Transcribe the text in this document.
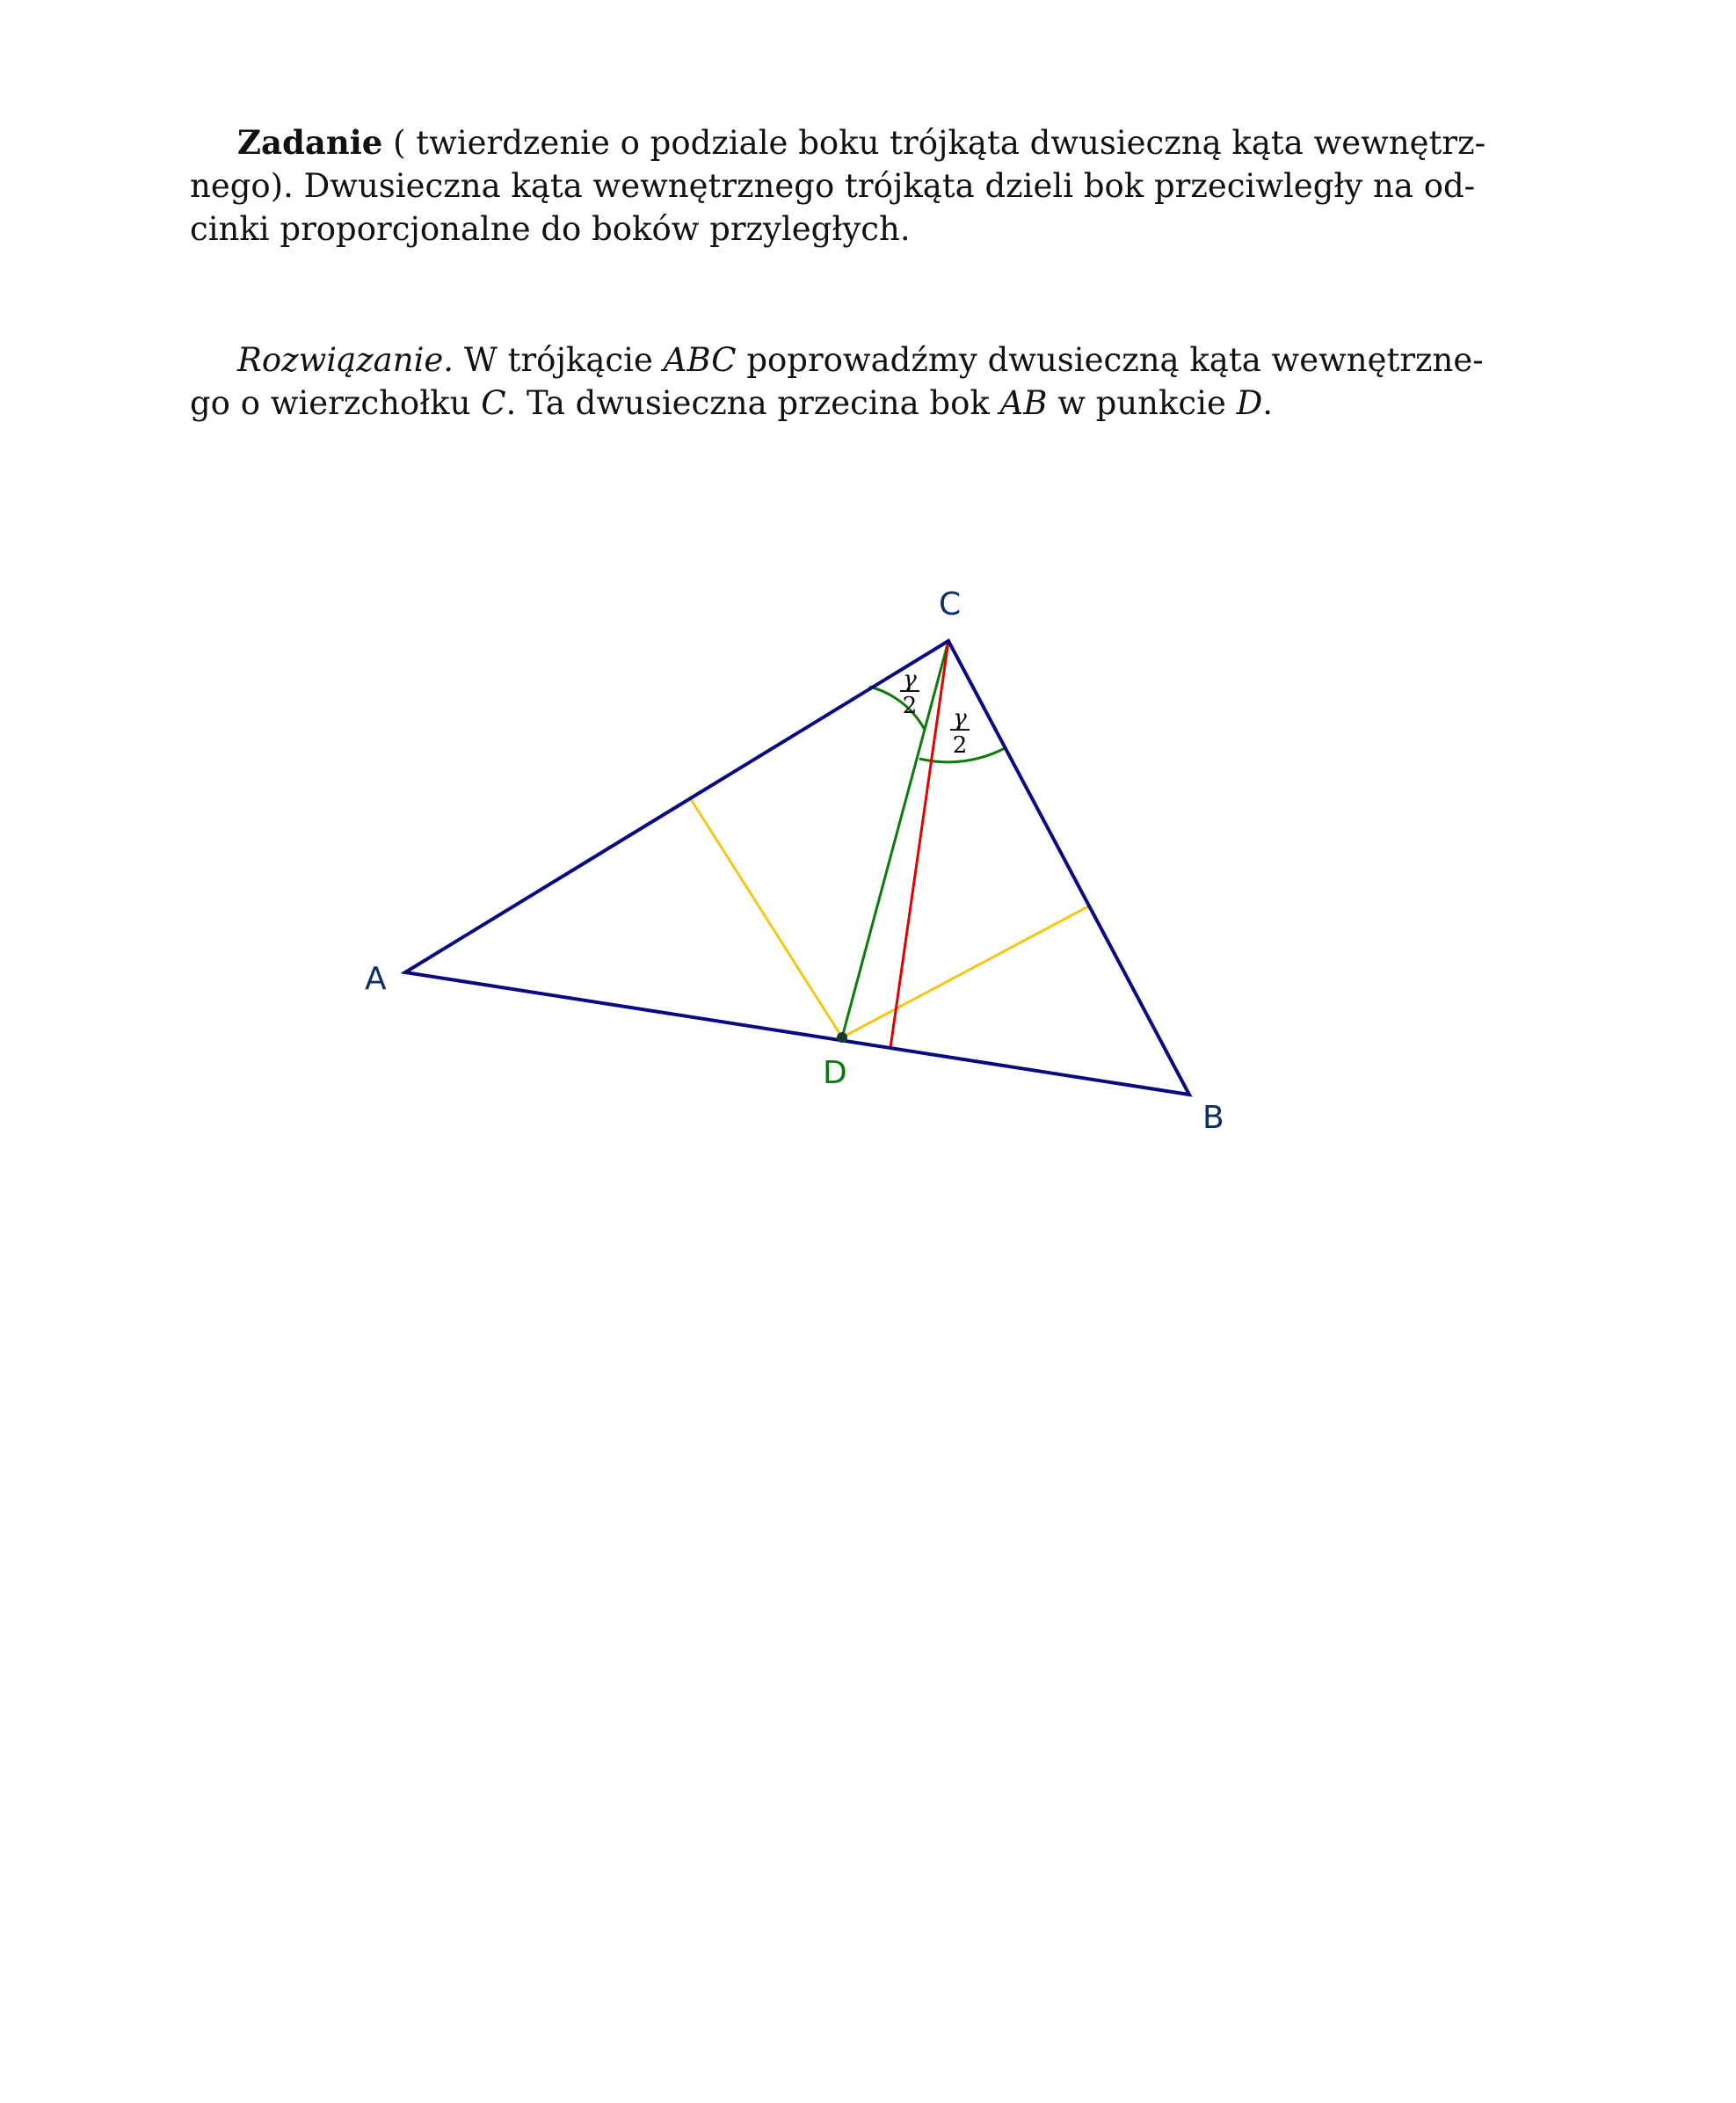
Zadanie ( twierdzenie o podziale boku trójkąta dwusieczną kąta wewnętrz-
nego). Dwusieczna kąta wewnętrznego trójkąta dzieli bok przeciwległy na od-
cinki proporcjonalne do boków przyległych.
Rozwiązanie. W trójkącie ABC poprowadźmy dwusieczną kąta wewnętrzne-
go o wierzchołku C. Ta dwusieczna przecina bok AB w punkcie D.
γ
2 γ
2
A
B
C
D
